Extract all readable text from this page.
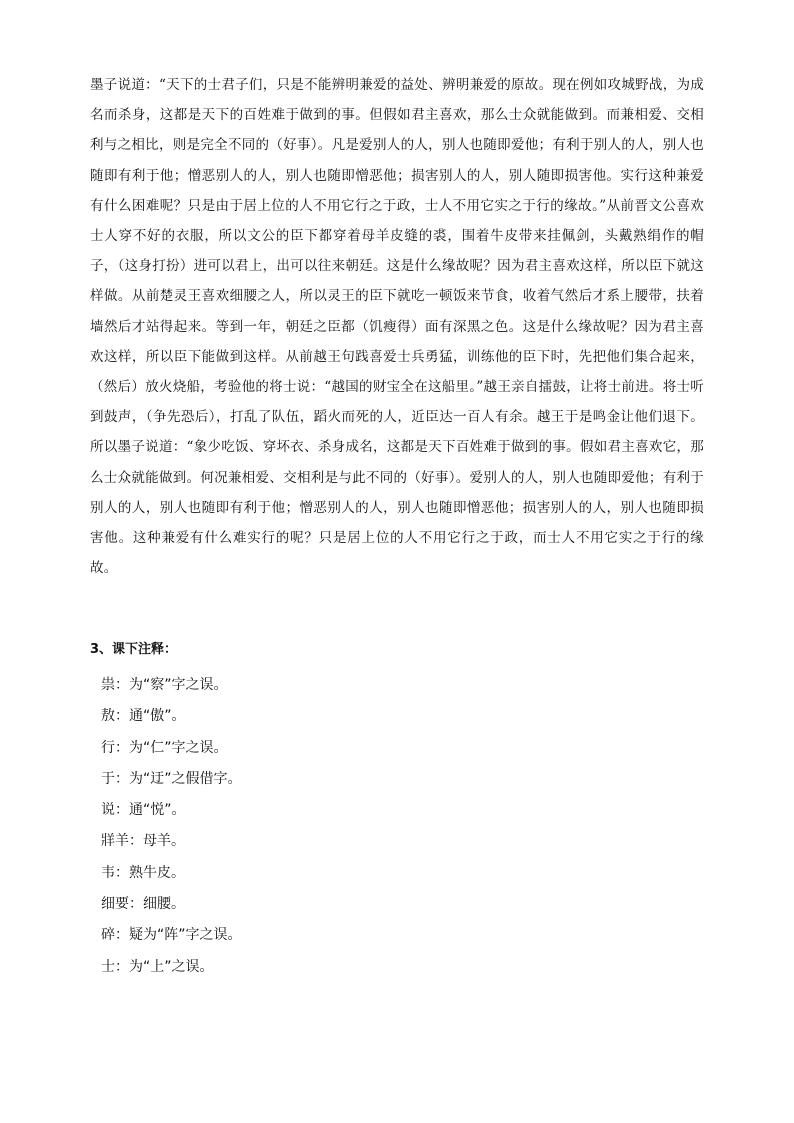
墨子说道：“天下的士君子们，只是不能辨明兼爱的益处、辨明兼爱的原故。现在例如攻城野战，为成名而杀身，这都是天下的百姓难于做到的事。但假如君主喜欢，那么士众就能做到。而兼相爱、交相利与之相比，则是完全不同的（好事）。凡是爱别人的人，别人也随即爱他；有利于别人的人，别人也随即有利于他；憎恶别人的人，别人也随即憎恶他；损害别人的人，别人随即损害他。实行这种兼爱有什么困难呢？只是由于居上位的人不用它行之于政，士人不用它实之于行的缘故。”从前晋文公喜欢士人穿不好的衣服，所以文公的臣下都穿着母羊皮缝的裘，围着牛皮带来挂佩剑，头戴熟绢作的帽子，（这身打扮）进可以君上，出可以往来朝廷。这是什么缘故呢？因为君主喜欢这样，所以臣下就这样做。从前楚灵王喜欢细腰之人，所以灵王的臣下就吃一顿饭来节食，收着气然后才系上腰带，扶着墙然后才站得起来。等到一年，朝廷之臣都（饥瘦得）面有深黑之色。这是什么缘故呢？因为君主喜欢这样，所以臣下能做到这样。从前越王句践喜爱士兵勇猛，训练他的臣下时，先把他们集合起来，（然后）放火烧船，考验他的将士说：“越国的财宝全在这船里。”越王亲自擂鼓，让将士前进。将士听到鼓声，（争先恐后），打乱了队伍，蹈火而死的人，近臣达一百人有余。越王于是鸣金让他们退下。所以墨子说道：“象少吃饭、穿坏衣、杀身成名，这都是天下百姓难于做到的事。假如君主喜欢它，那么士众就能做到。何况兼相爱、交相利是与此不同的（好事）。爱别人的人，别人也随即爱他；有利于别人的人，别人也随即有利于他；憎恶别人的人，别人也随即憎恶他；损害别人的人，别人也随即损害他。这种兼爱有什么难实行的呢？只是居上位的人不用它行之于政，而士人不用它实之于行的缘故。
3、课下注释：
祟：为“察”字之误。
敖：通“傲”。
行：为“仁”字之误。
于：为“迂”之假借字。
说：通“悦”。
牂羊：母羊。
韦：熟牛皮。
细要：细腰。
碎：疑为“阵”字之误。
士：为“上”之误。
